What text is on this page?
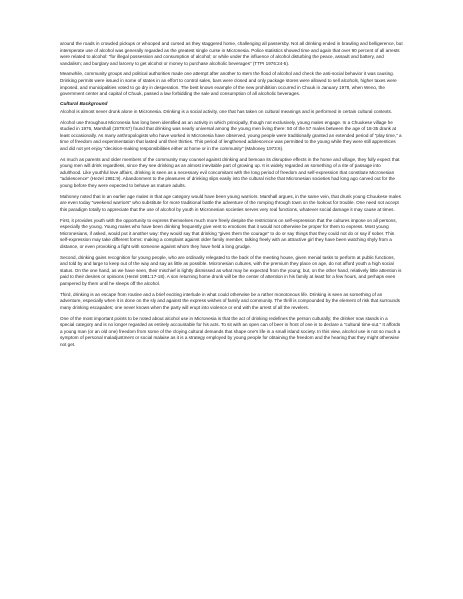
around the roads in crowded pickups or whooped and cursed as they staggered home, challenging all passersby. Not all drinking ended in brawling and belligerence, but intemperate use of alcohol was generally regarded as the greatest single curse in Micronesia. Police statistics showed time and again that over 90 percent of all arrests were related to alcohol: "for illegal possession and consumption of alcohol; or while under the influence of alcohol disturbing the peace, assault and battery, and vandalism; and burglary and larceny to get alcohol or money to purchase alcoholic beverages" (TTPI 1976:24-5).

Meanwhile, community groups and political authorities made one attempt after another to stem the flood of alcohol and check the anti-social behavior it was causing. Drinking permits were issued in some of states in an effort to control sales, bars were closed and only package stores were allowed to sell alcohols, higher taxes were imposed, and municipalities voted to go dry in desperation. The best known example of the new prohibition occurred in Chuuk in January 1978, when Weno, the government center and capital of Chuuk, passed a law forbidding the sale and consumption of all alcoholic beverages.

Cultural Background

Alcohol is almost never drunk alone in Micronesia. Drinking is a social activity, one that has taken on cultural meanings and is performed in certain cultural contexts.

Alcohol use throughout Micronesia has long been identified as an activity in which principally, though not exclusively, young males engage. In a Chuukese village he studied in 1976, Marshall (1979:67) found that drinking was nearly universal among the young men living there: 50 of the 57 males between the age of 18-35 drank at least occasionally. As many anthropologists who have worked in Micronesia have observed, young people were traditionally granted an extended period of "play time," a time of freedom and experimentation that lasted until their thirties. This period of lengthened adolescence was permitted to the young while they were still apprentices and did not yet enjoy "decision-making responsibilities either at home or in the community" (Mahoney 1973:6).

As much as parents and older members of the community may counsel against drinking and bemoan its disruptive effects in the home and village, they fully expect that young men will drink regardless, since they see drinking as an almost inevitable part of growing up. It is widely regarded as something of a rite of passage into adulthood. Like youthful love affairs, drinking is seen as a necessary evil concomitant with the long period of freedom and self-expression that constitute Micronesian "adolescence" (Hezel 1981:9). Abandonment to the pleasures of drinking slips easily into the cultural niche that Micronesian societies had long ago carved out for the young before they were expected to behave as mature adults.

Mahoney noted that in an earlier age males in that age category would have been young warriors. Marshall argues, in the same vein, that drunk young Chuukese males are even today "weekend warriors" who substitute for more traditional battle the adventure of the romping through town on the lookout for trouble. One need not accept this paradigm totally to appreciate that the use of alcohol by youth in Micronesian societies serves very real functions, whatever social damage it may cause at times.

First, it provides youth with the opportunity to express themselves much more freely despite the restrictions on self-expression that the cultures impose on all persons, especially the young. Young males who have been drinking frequently give vent to emotions that it would not otherwise be proper for them to express. Most young Micronesians, if asked, would put it another way: they would say that drinking "gives them the courage" to do or say things that they could not do or say if sober. This self-expression may take different forms: making a complaint against older family member, talking freely with an attractive girl they have been watching shyly from a distance, or even provoking a fight with someone against whom they have held a long grudge.

Second, drinking gains recognition for young people, who are ordinarily relegated to the back of the meeting house, given menial tasks to perform at public functions, and told by and large to keep out of the way and say as little as possible. Micronesian cultures, with the premium they place on age, do not afford youth a high social status. On the one hand, as we have seen, their mischief is lightly dismissed as what may be expected from the young; but, on the other hand, relatively little attention is paid to their desires or opinions (Hezel 1981:17-18). A son returning home drunk will be the center of attention in his family at least for a few hours, and perhaps even pampered by them until he sleeps off the alcohol.

Third, drinking is an escape from routine and a brief exciting interlude in what could otherwise be a rather monotonous life. Drinking is seen as something of an adventure, especially when it is done on the sly and against the express wishes of family and community. The thrill is compounded by the element of risk that surrounds many drinking escapades; one never knows when the party will erupt into violence or end with the arrest of all the revelers.

One of the most important points to be noted about alcohol use in Micronesia is that the act of drinking redefines the person culturally; the drinker now stands in a special category and is no longer regarded as entirely accountable for his acts. To sit with an open can of beer in front of one is to declare a "cultural time-out." It affords a young man (or an old one) freedom from some of the cloying cultural demands that shape one's life in a small island society. In this view, alcohol use is not so much a symptom of personal maladjustment or social malaise as it is a strategy employed by young people for obtaining the freedom and the hearing that they might otherwise not get.
